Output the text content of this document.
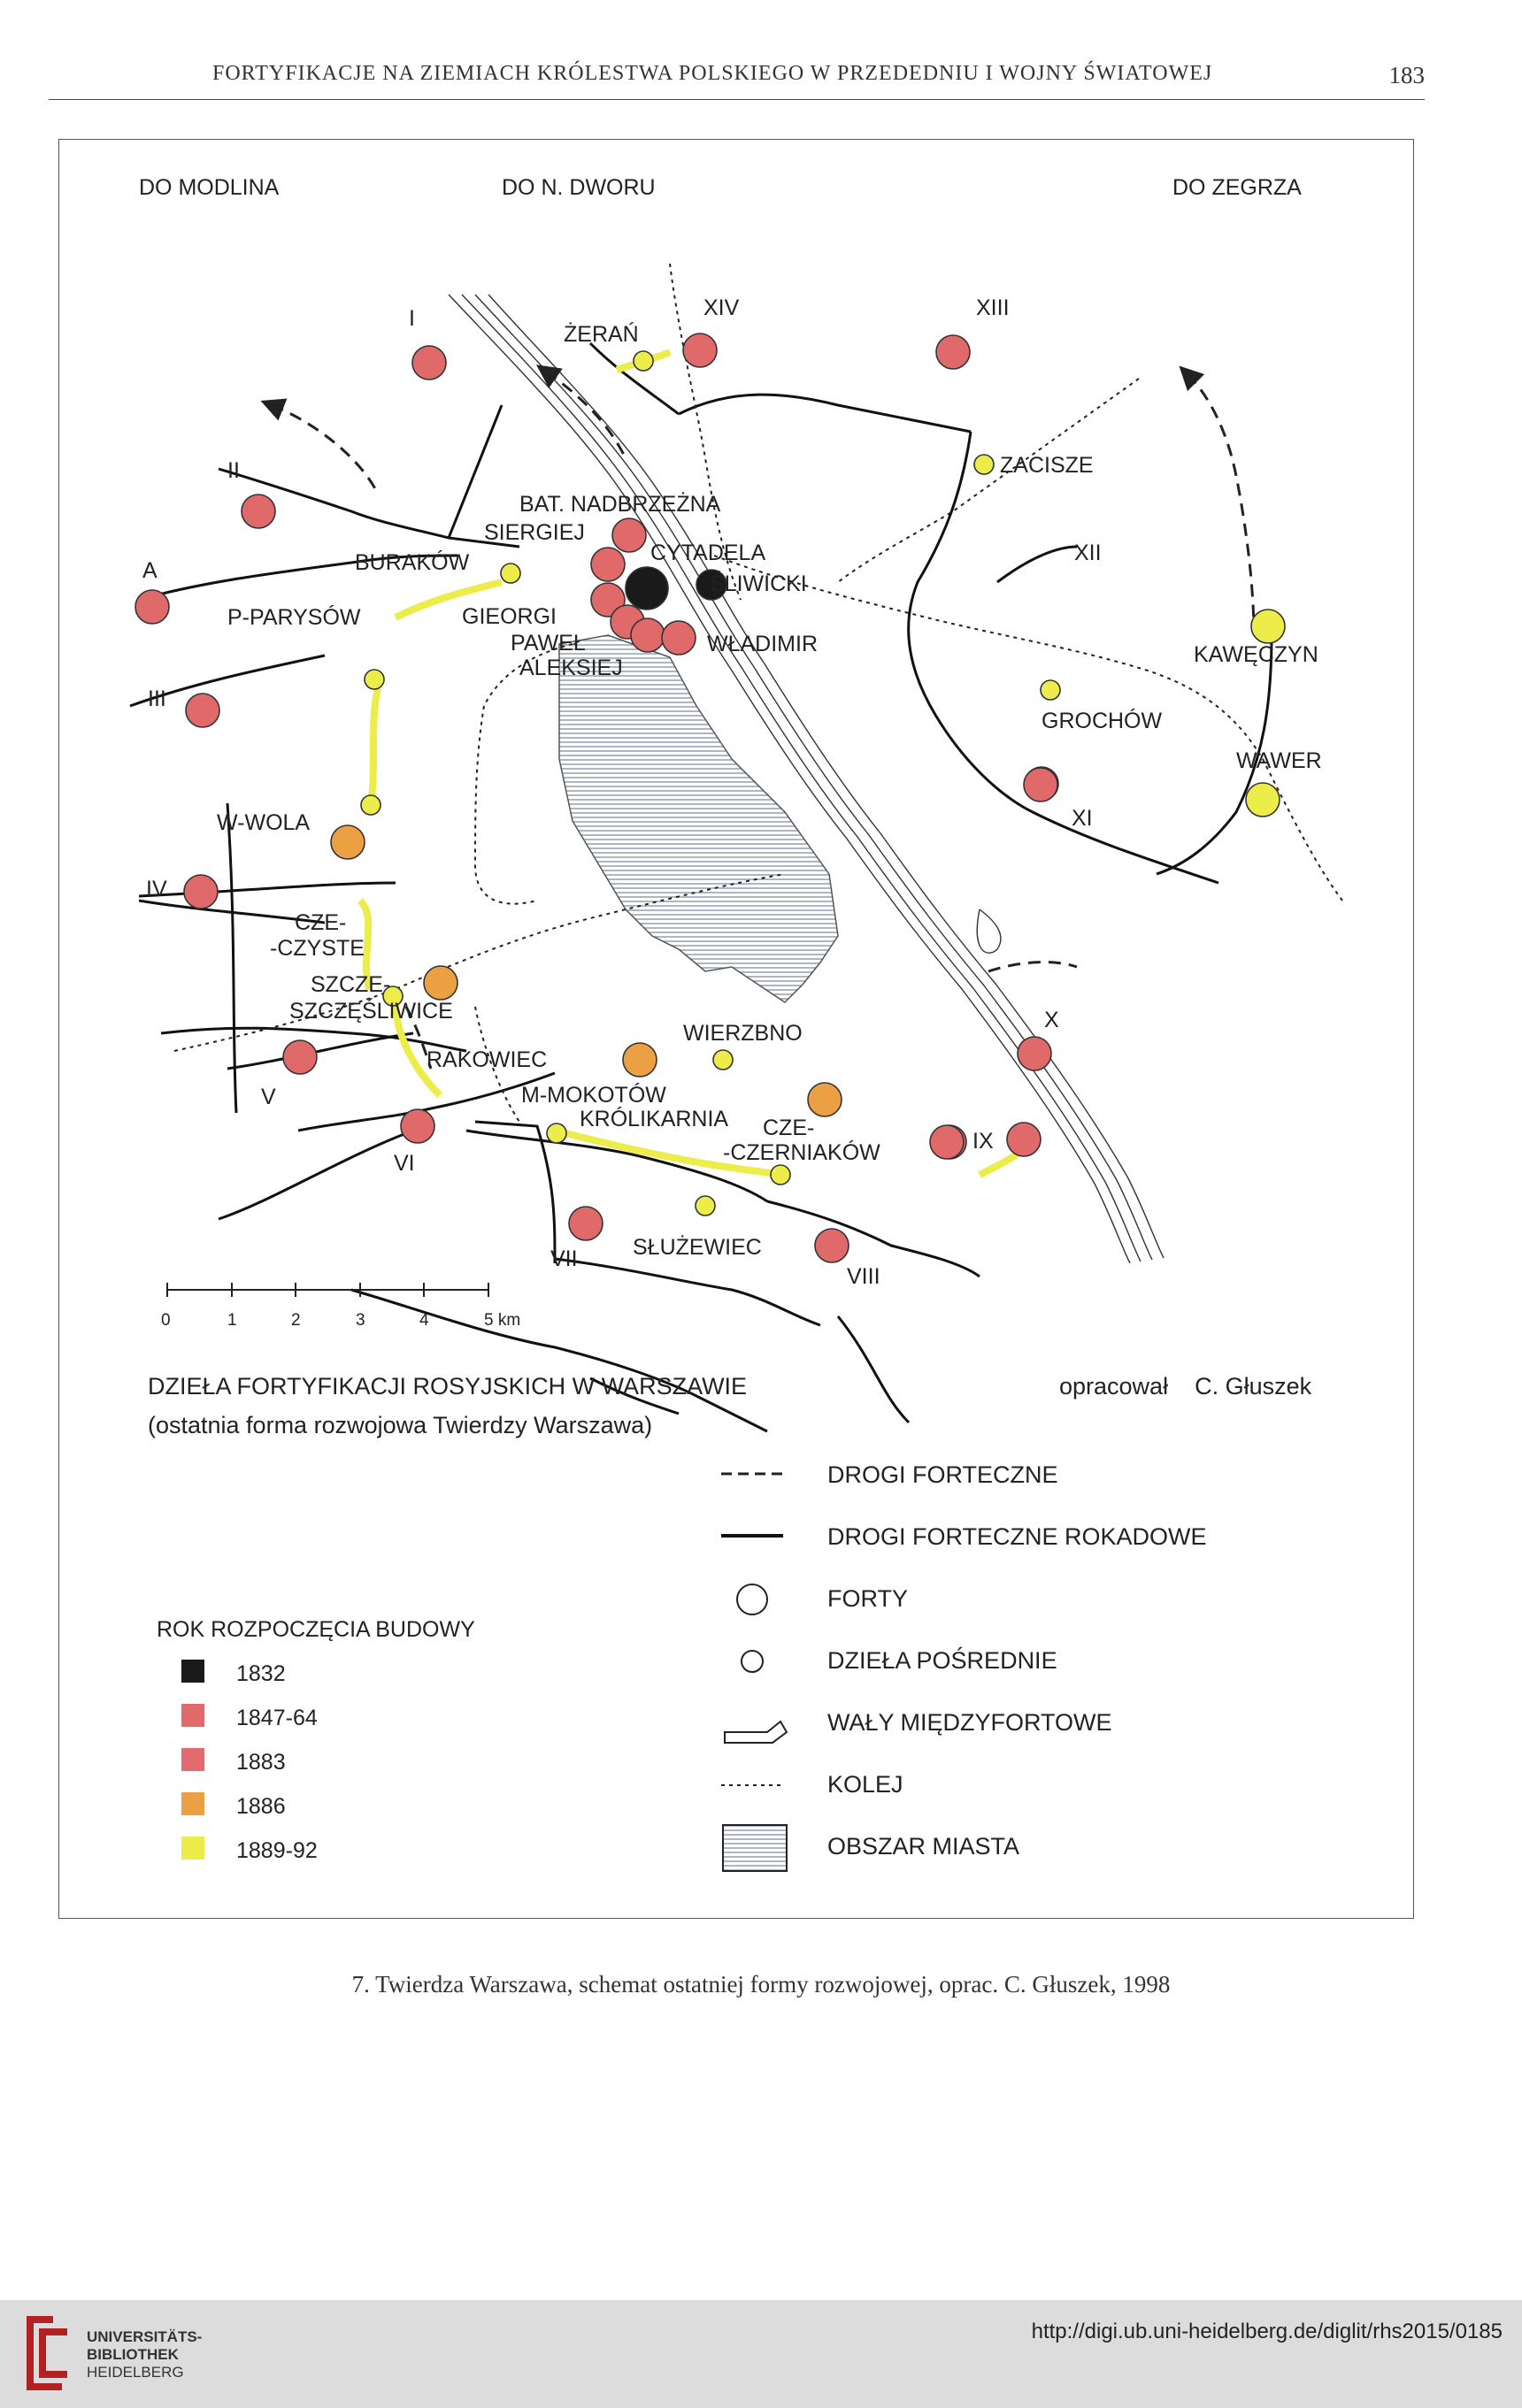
FORTYFIKACJE NA ZIEMIACH KRÓLESTWA POLSKIEGO W PRZEDEDNIU I WOJNY ŚWIATOWEJ	183
DO MODLINA	DO N. DWORU	DO ZEGRZA
ŻERAŃ
XIV	XIII
I
II	ZACISZE
XII
BAT. NADBRZEŻNA
SIERGIEJ
CYTADELA
BURAKÓW
ŚLIWICKI
A
P-PARYSÓW	GIEORGI
PAWEŁ
ALEKSIEJ
WŁADIMIR	KAWĘCZYN
III
GROCHÓW
WAWER
XI
W-WOLA
IV
CZE-
-CZYSTE
SZCZE-
SZCZĘŚLIWICE	X
WIERZBNO
RAKOWIEC
V	M-MOKOTÓW
KRÓLIKARNIA CZE-
-CZERNIAKÓW	IX
VI
SŁUŻEWIEC
VII
VIII
0	1	2	3	4	5 km
DZIEŁA FORTYFIKACJI ROSYJSKICH W WARSZAWIE
(ostatnia forma rozwojowa Twierdzy Warszawa)
opracował    C. Głuszek
DROGI FORTECZNE
DROGI FORTECZNE ROKADOWE
FORTY
DZIEŁA POŚREDNIE
WAŁY MIĘDZYFORTOWE
KOLEJ
OBSZAR MIASTA
ROK ROZPOCZĘCIA BUDOWY
1832
1847-64
1883
1886
1889-92
7. Twierdza Warszawa, schemat ostatniej formy rozwojowej, oprac. C. Głuszek, 1998
UNIVERSITÄTS-
BIBLIOTHEK
HEIDELBERG
http://digi.ub.uni-heidelberg.de/diglit/rhs2015/0185
